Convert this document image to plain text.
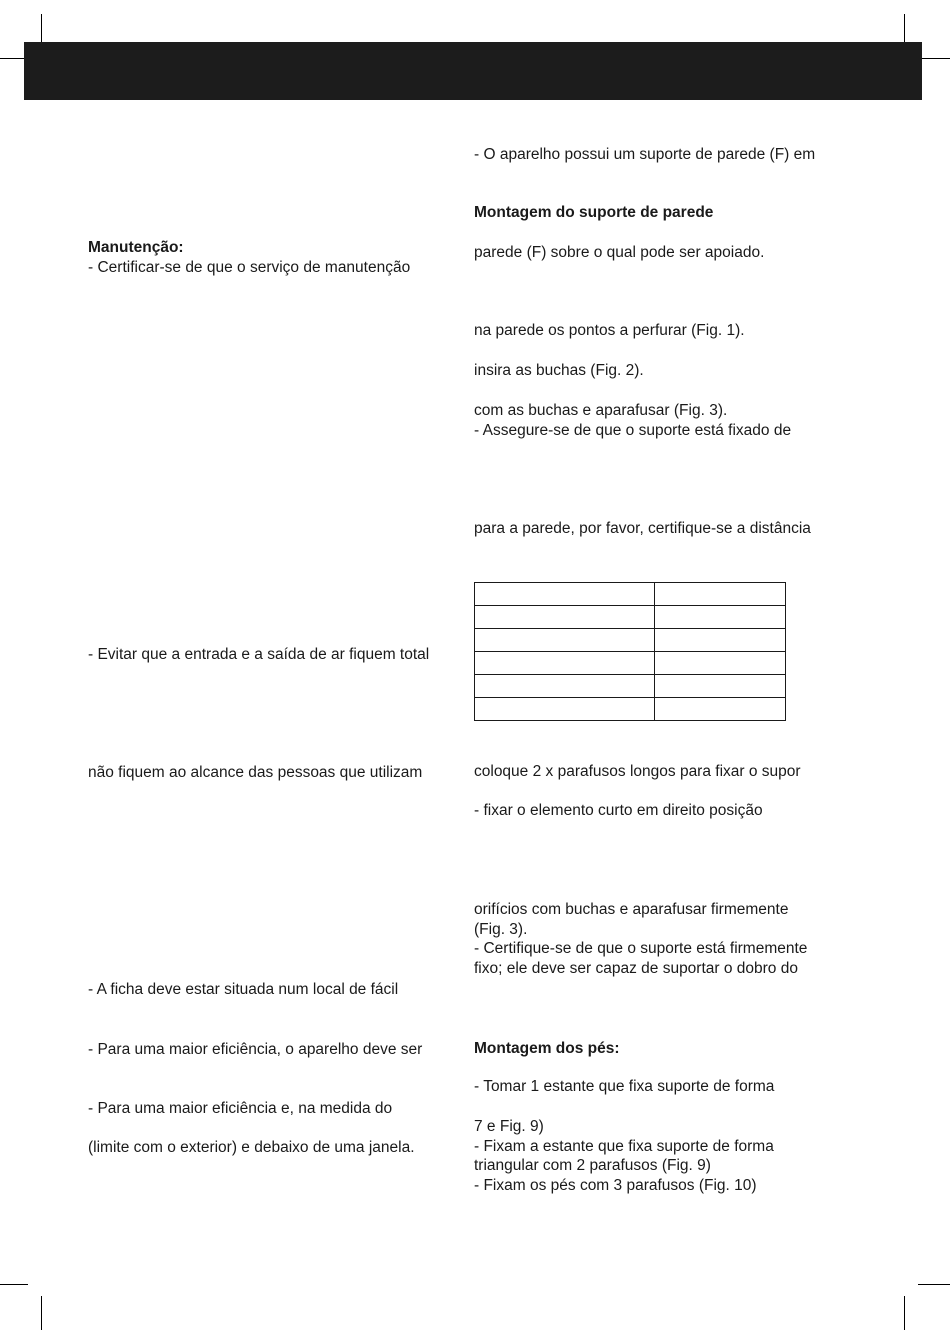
Manutenção:

- Certificar-se de que o serviço de manutenção

- Evitar que a entrada e a saída de ar fiquem total

não fiquem ao alcance das pessoas que utilizam

- A ficha deve estar situada num local de fácil

- Para uma maior eficiência, o aparelho deve ser

- Para uma maior eficiência e, na medida do

(limite com o exterior) e debaixo de uma janela.

- O aparelho possui um suporte de parede (F) em

Montagem do suporte de parede

parede (F) sobre o qual pode ser apoiado.

na parede os pontos a perfurar (Fig. 1).

insira as buchas (Fig. 2).

com as buchas e aparafusar (Fig. 3).

- Assegure-se de que o suporte está fixado de

para a parede, por favor, certifique-se a distância

coloque 2 x parafusos longos para fixar o supor

- fixar o elemento curto em direito posição

orifícios com buchas e aparafusar firmemente

(Fig. 3).

- Certifique-se de que o suporte está firmemente

fixo; ele deve ser capaz de suportar o dobro do

Montagem dos pés:

- Tomar 1 estante que fixa suporte de forma

7 e Fig. 9)

- Fixam a estante que fixa suporte de forma

triangular com 2 parafusos (Fig. 9)

- Fixam os pés com 3 parafusos (Fig. 10)
